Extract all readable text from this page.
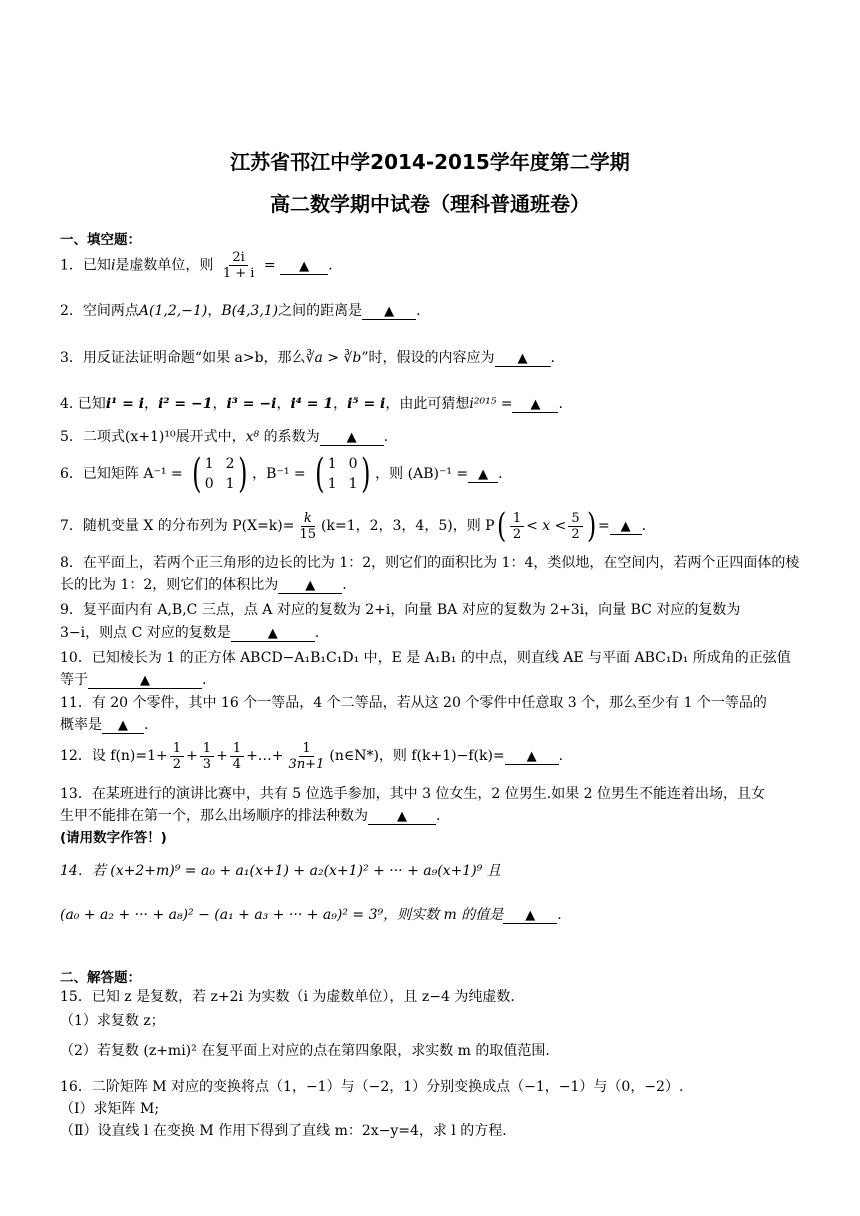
江苏省邗江中学2014-2015学年度第二学期
高二数学期中试卷（理科普通班卷）
一、填空题：
1．已知i是虚数单位，则 $\frac{2i}{1 + i}$ = ▲ .
2．空间两点A(1,2,−1)，B(4,3,1)之间的距离是 ▲ .
3．用反证法证明命题“如果 a>b，那么∛a > ∛b”时，假设的内容应为 ▲ .
4. 已知i¹ = i，i² = −1，i³ = −i，i⁴ = 1，i⁵ = i，由此可猜想i²⁰¹⁵ = ▲ .
5．二项式(x+1)¹⁰展开式中，x⁸ 的系数为 ▲ .
6．已知矩阵 A⁻¹ = ( 1 2
0 1 ) ，B⁻¹ = ( 1 0
1 1 ) ，则 (AB)⁻¹ = ▲ .
7．随机变量 X 的分布列为 $P(X=k)= \frac{k}{15} (k=1$，2，3，4，5)，则 $P( \frac{1}{2} < x < \frac{5}{2}$ ) = ▲ .
8．在平面上，若两个正三角形的边长的比为 1：2，则它们的面积比为 1：4，类似地，在空间内，若两个正四面体的棱长的比为 1：2，则它们的体积比为 ▲ .
9．复平面内有 A,B,C 三点，点 A 对应的复数为 2+i，向量 BA 对应的复数为 2+3i，向量 BC 对应的复数为
3−i，则点 C 对应的复数是	▲	.
10．已知棱长为 1 的正方体 ABCD−A₁B₁C₁D₁ 中，E 是 A₁B₁ 的中点，则直线 AE 与平面 ABC₁D₁ 所成角的正弦值
等于	▲	.
11．有 20 个零件，其中 16 个一等品，4 个二等品，若从这 20 个零件中任意取 3 个，那么至少有 1 个一等品的
概率是 ▲ .
12．设 $f(n)=1+ \frac{1}{2} + \frac{1}{3} + \frac{1}{4}$ +…+ $\frac{1}{3n+1}$ (n∈N*)，则 f(k+1)−f(k)= ▲ .
13．在某班进行的演讲比赛中，共有 5 位选手参加，其中 3 位女生，2 位男生.如果 2 位男生不能连着出场，且女
生甲不能排在第一个，那么出场顺序的排法种数为 ▲ .
(请用数字作答！)
14．若 (x+2+m)⁹ = a₀ + a₁(x+1) + a₂(x+1)² + ··· + a₉(x+1)⁹ 且
(a₀ + a₂ + ··· + a₈)² − (a₁ + a₃ + ··· + a₉)² = 3⁹，则实数 m 的值是 ▲ .
二、解答题：
15．已知 z 是复数，若 z+2i 为实数（i 为虚数单位），且 z−4 为纯虚数.
（1）求复数 z；
（2）若复数 (z+mi)² 在复平面上对应的点在第四象限，求实数 m 的取值范围.
16．二阶矩阵 M 对应的变换将点（1，−1）与（−2，1）分别变换成点（−1，−1）与（0，−2）.
（Ⅰ）求矩阵 M;
（Ⅱ）设直线 l 在变换 M 作用下得到了直线 m：2x−y=4，求 l 的方程.
